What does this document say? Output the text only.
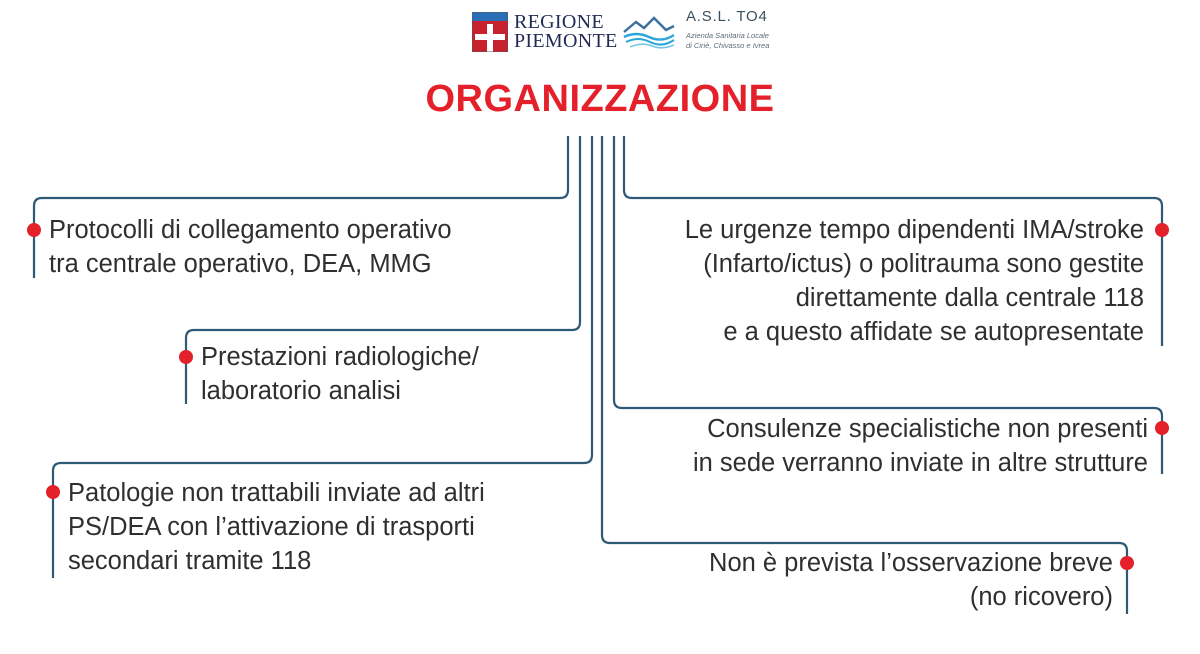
REGIONE
PIEMONTE
A.S.L. TO4
Azienda Sanitaria Locale
di Ciriè, Chivasso e Ivrea
ORGANIZZAZIONE
Protocolli di collegamento operativo
tra centrale operativo, DEA, MMG
Prestazioni radiologiche/
laboratorio analisi
Patologie non trattabili inviate ad altri
PS/DEA con l’attivazione di trasporti
secondari tramite 118
Le urgenze tempo dipendenti IMA/stroke
(Infarto/ictus) o politrauma sono gestite
direttamente dalla centrale 118
e a questo affidate se autopresentate
Consulenze specialistiche non presenti
in sede verranno inviate in altre strutture
Non è prevista l’osservazione breve
(no ricovero)
